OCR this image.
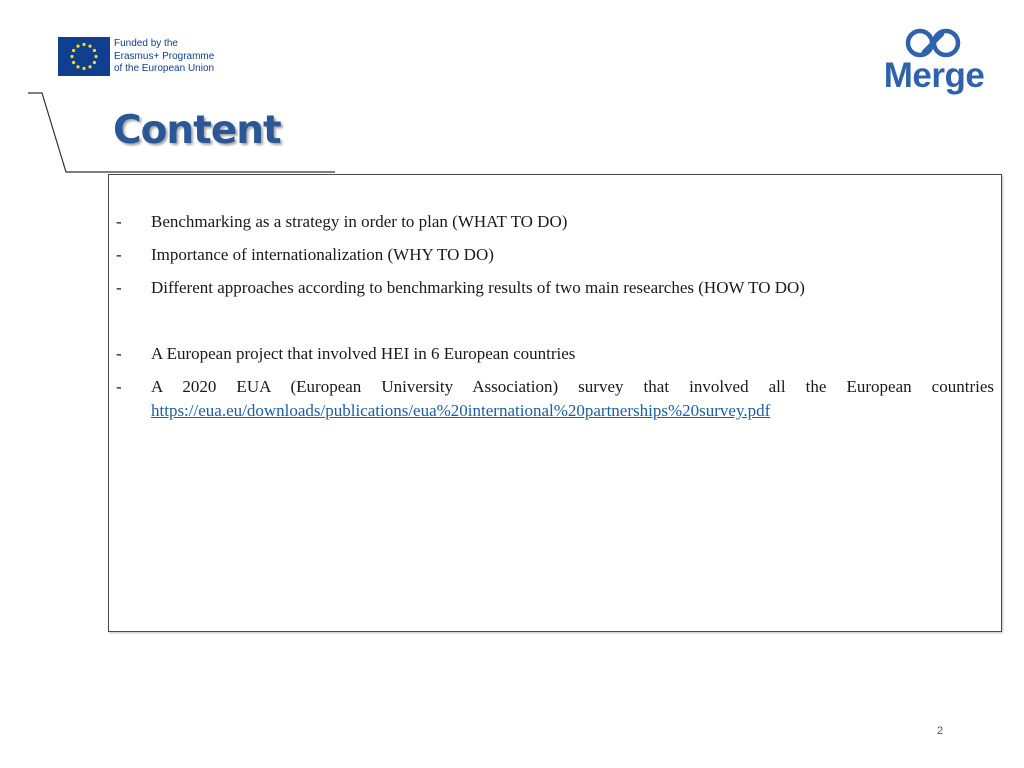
Funded by the
Erasmus+ Programme
of the European Union	Merge
Content
- Benchmarking as a strategy in order to plan (WHAT TO DO)
- Importance of internationalization (WHY TO DO)
- Different approaches according to benchmarking results of two main researches (HOW TO DO)
- A European project that involved HEI in 6 European countries
- A 2020 EUA (European University Association) survey that involved all the European countries
https://eua.eu/downloads/publications/eua%20international%20partnerships%20survey.pdf
2
